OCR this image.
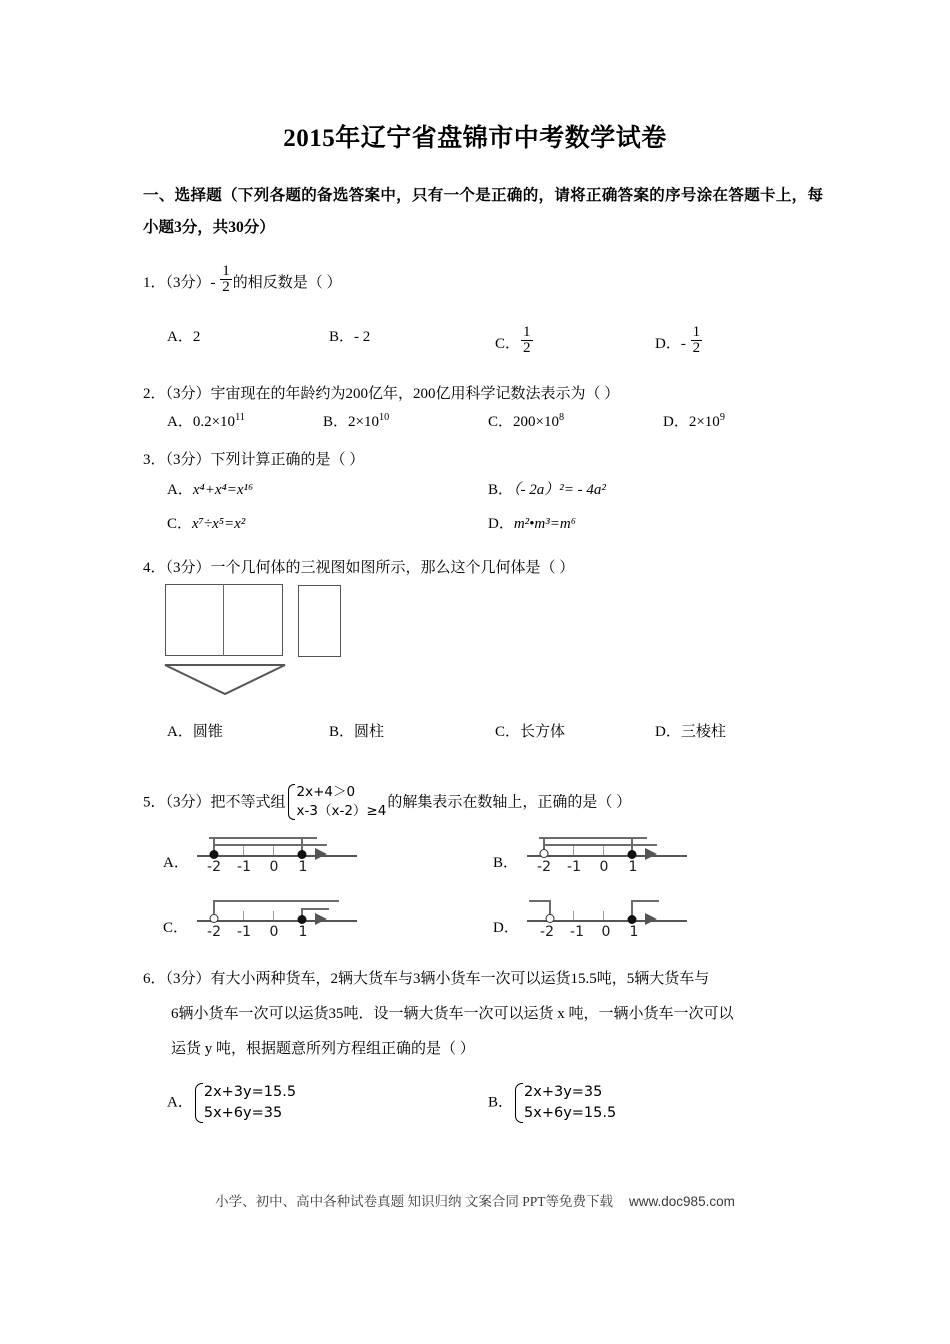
2015年辽宁省盘锦市中考数学试卷
一、选择题（下列各题的备选答案中，只有一个是正确的，请将正确答案的序号涂在答题卡上，每小题3分，共30分）
1．（3分）- $\frac{1}{2}$ 的相反数是（ ）
A．2	B．- 2	C． $\frac{1}{2}$	D．- $\frac{1}{2}$
2．（3分）宇宙现在的年龄约为200亿年，200亿用科学记数法表示为（ ）
A．$0.2\times 10^{11}$	B．$2\times 10^{10}$	C．$200\times 10^8$	D．$2\times 10^9$
3．（3分）下列计算正确的是（ ）
A．x⁴+x⁴=x¹⁶	B．（- 2a）²= - 4a²
C．x⁷÷x⁵=x²	D．m²•m³=m⁶
4．（3分）一个几何体的三视图如图所示，那么这个几何体是（ ）
A．圆锥	B．圆柱	C．长方体	D．三棱柱
5．（3分）把不等式组
2x+4＞0
x-3（x-2）≥4
的解集表示在数轴上，正确的是（ ）
A． -2 -1 0 1	B． -2 -1 0 1
C． -2 -1 0 1	D． -2 -1 0 1
6．（3分）有大小两种货车，2辆大货车与3辆小货车一次可以运货15.5吨，5辆大货车与
6辆小货车一次可以运货35吨．设一辆大货车一次可以运货 x 吨，一辆小货车一次可以
运货 y 吨，根据题意所列方程组正确的是（ ）
A．
2x+3y=15.5
5x+6y=35
B．
2x+3y=35
5x+6y=15.5
小学、初中、高中各种试卷真题 知识归纳 文案合同 PPT等免费下载 www.doc985.com
